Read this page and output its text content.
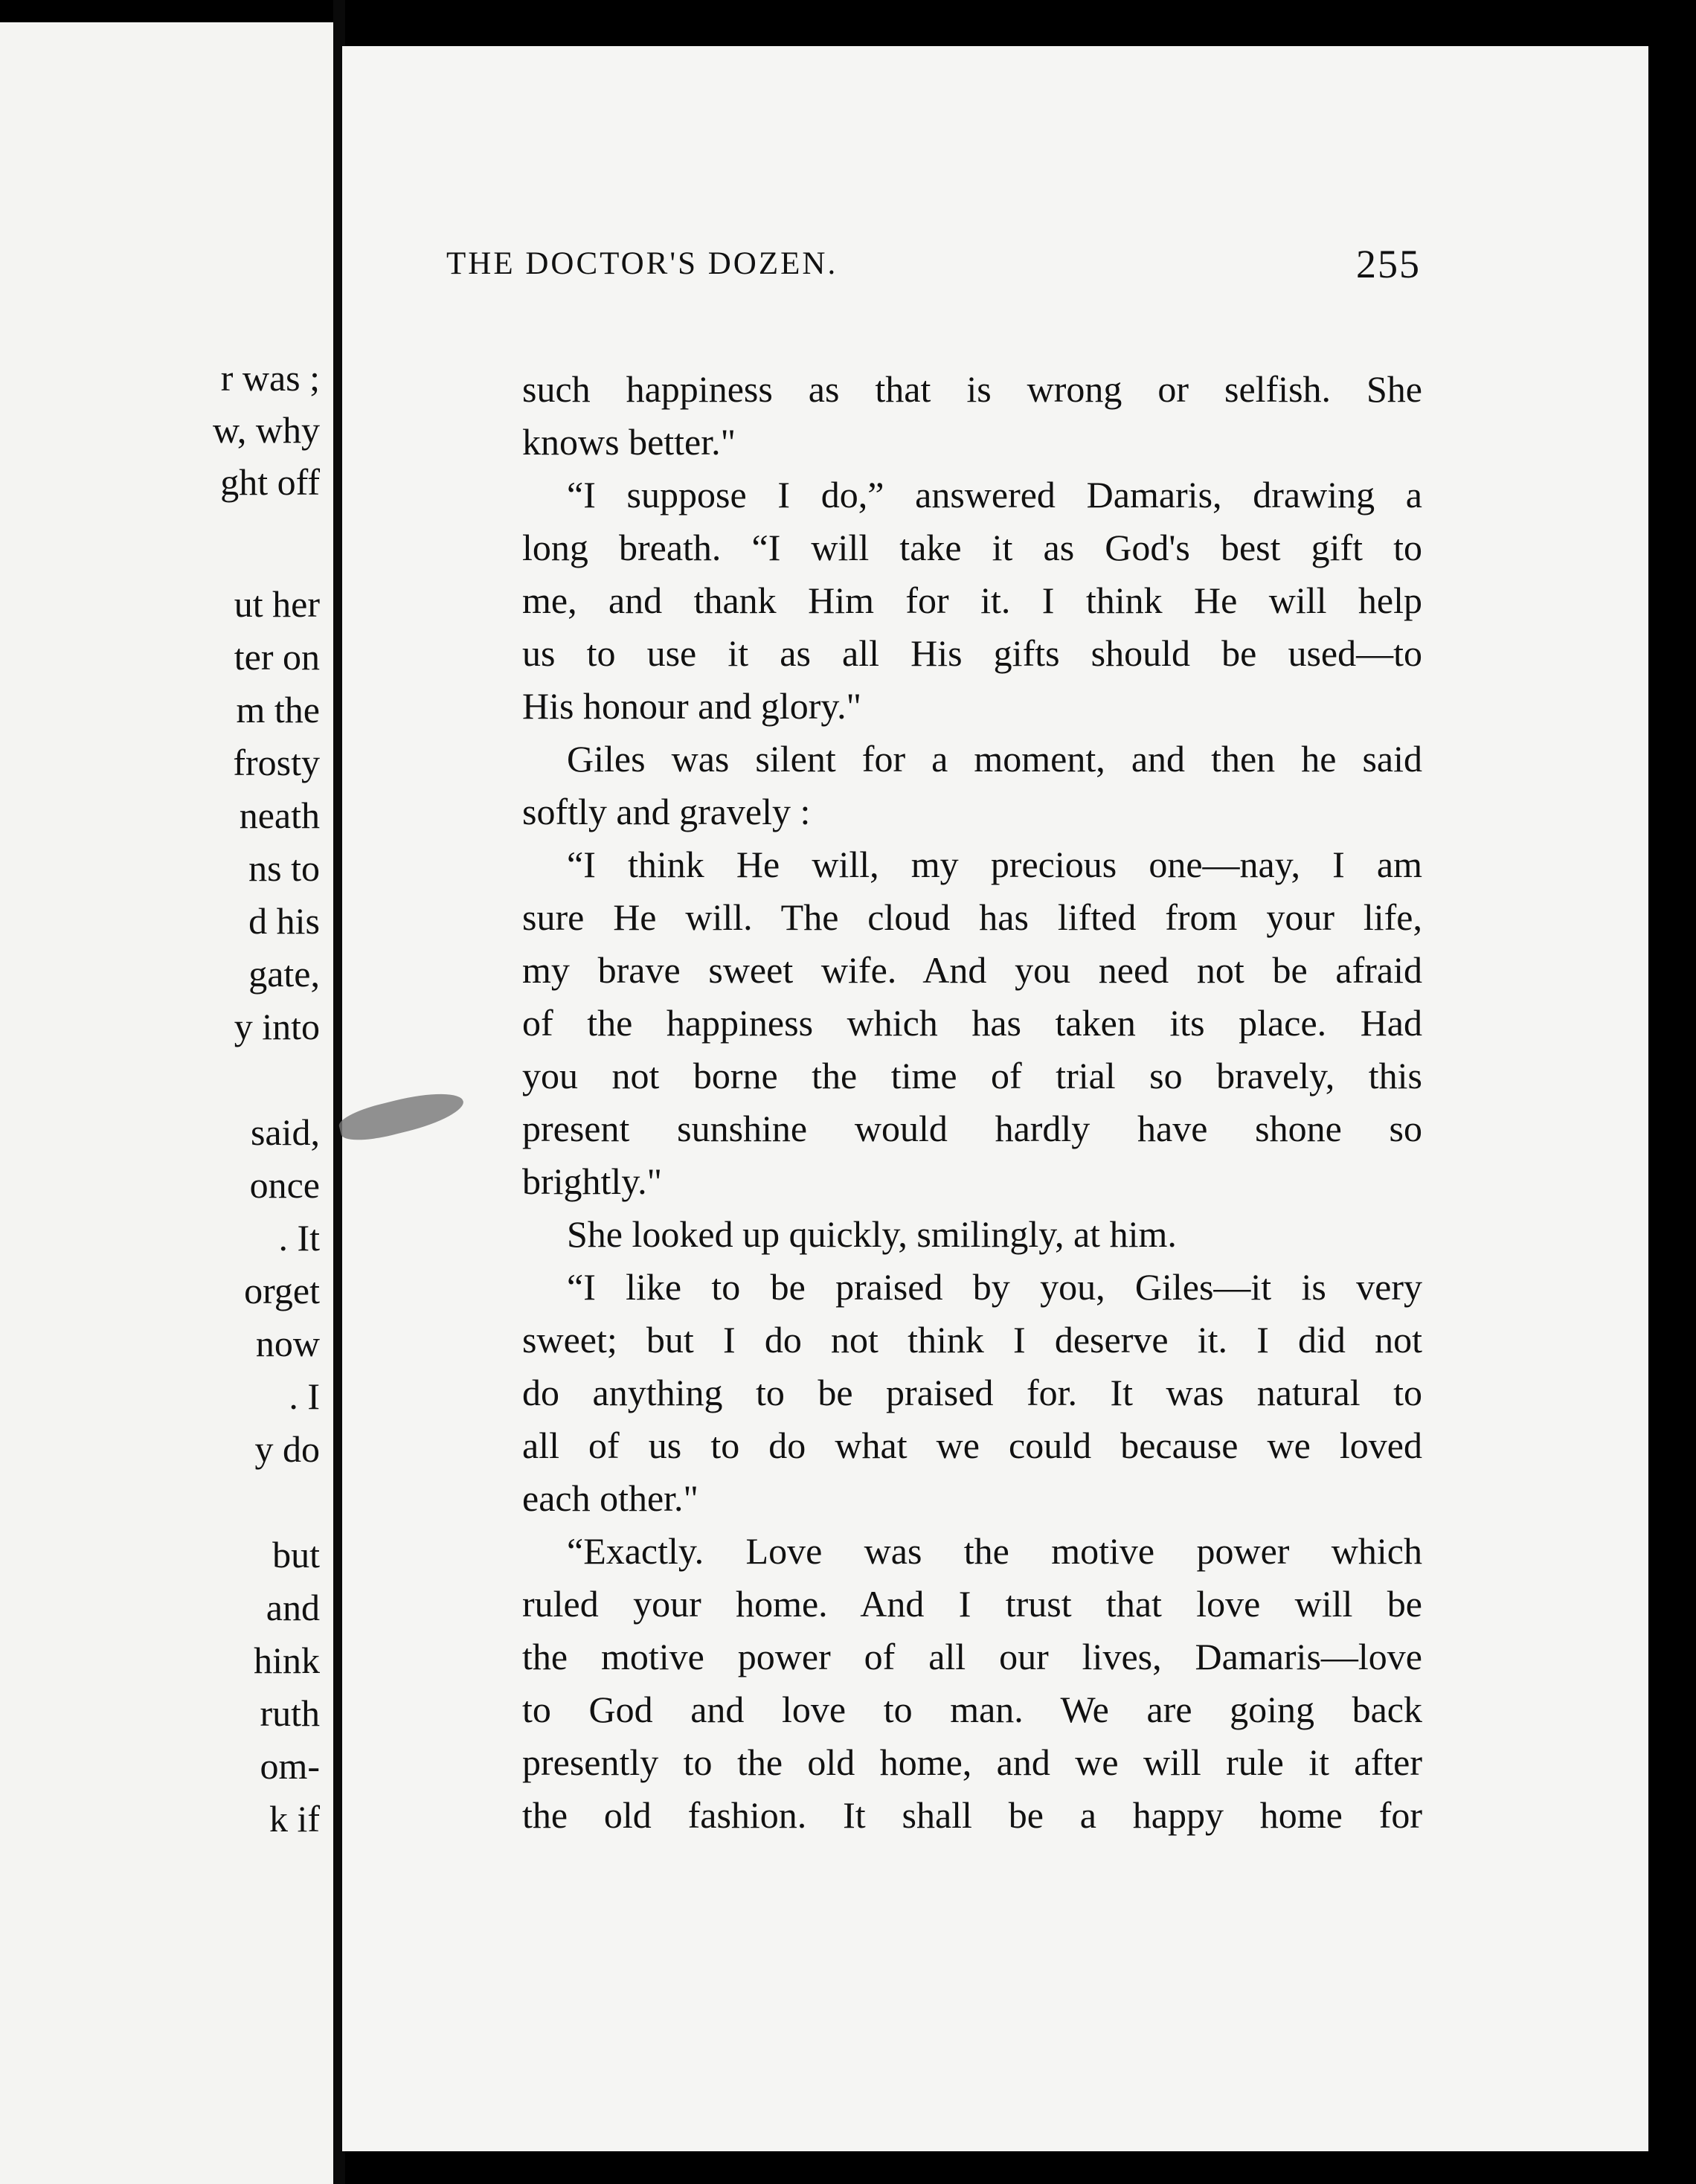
r was ;
w, why
ght off
ut her
ter on
m the
frosty
neath
ns to
d his
gate,
y into
said,
once
. It
orget
now
. I
y do
but
and
hink
ruth
om-
k if
THE DOCTOR'S DOZEN.	255
such happiness as that is wrong or selfish. She
knows better."
“I suppose I do,” answered Damaris, drawing a
long breath. “I will take it as God's best gift to
me, and thank Him for it. I think He will help
us to use it as all His gifts should be used—to
His honour and glory."
Giles was silent for a moment, and then he said
softly and gravely :
“I think He will, my precious one—nay, I am
sure He will. The cloud has lifted from your life,
my brave sweet wife. And you need not be afraid
of the happiness which has taken its place. Had
you not borne the time of trial so bravely, this
present sunshine would hardly have shone so
brightly."
She looked up quickly, smilingly, at him.
“I like to be praised by you, Giles—it is very
sweet; but I do not think I deserve it. I did not
do anything to be praised for. It was natural to
all of us to do what we could because we loved
each other."
“Exactly. Love was the motive power which
ruled your home. And I trust that love will be
the motive power of all our lives, Damaris—love
to God and love to man. We are going back
presently to the old home, and we will rule it after
the old fashion. It shall be a happy home for
